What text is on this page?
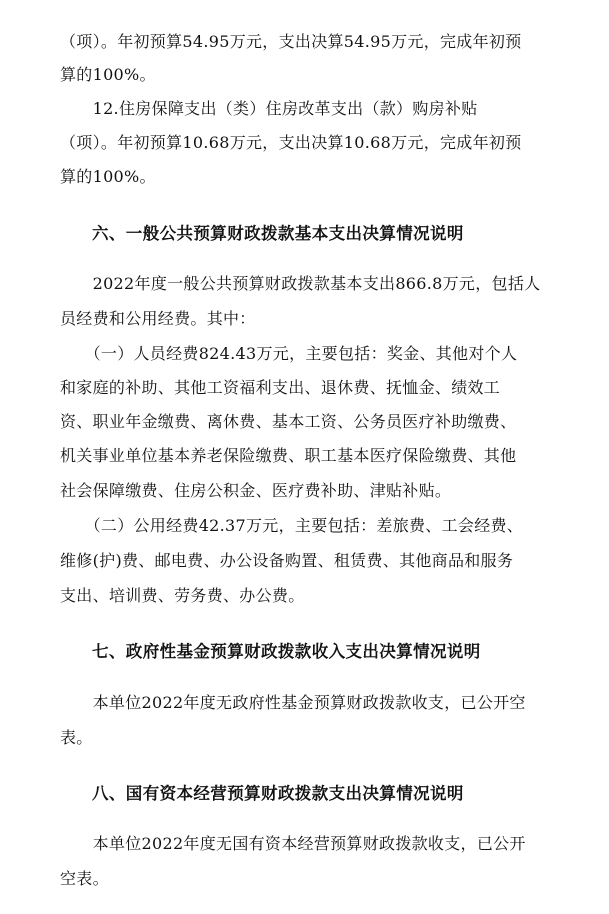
（项）。年初预算54.95万元，支出决算54.95万元，完成年初预
算的100%。
　　12.住房保障支出（类）住房改革支出（款）购房补贴
（项）。年初预算10.68万元，支出决算10.68万元，完成年初预
算的100%。
六、一般公共预算财政拨款基本支出决算情况说明
　　2022年度一般公共预算财政拨款基本支出866.8万元，包括人
员经费和公用经费。其中：
　　（一）人员经费824.43万元，主要包括：奖金、其他对个人
和家庭的补助、其他工资福利支出、退休费、抚恤金、绩效工
资、职业年金缴费、离休费、基本工资、公务员医疗补助缴费、
机关事业单位基本养老保险缴费、职工基本医疗保险缴费、其他
社会保障缴费、住房公积金、医疗费补助、津贴补贴。
　　（二）公用经费42.37万元，主要包括：差旅费、工会经费、
维修(护)费、邮电费、办公设备购置、租赁费、其他商品和服务
支出、培训费、劳务费、办公费。
七、政府性基金预算财政拨款收入支出决算情况说明
　　本单位2022年度无政府性基金预算财政拨款收支，已公开空
表。
八、国有资本经营预算财政拨款支出决算情况说明
　　本单位2022年度无国有资本经营预算财政拨款收支，已公开
空表。
